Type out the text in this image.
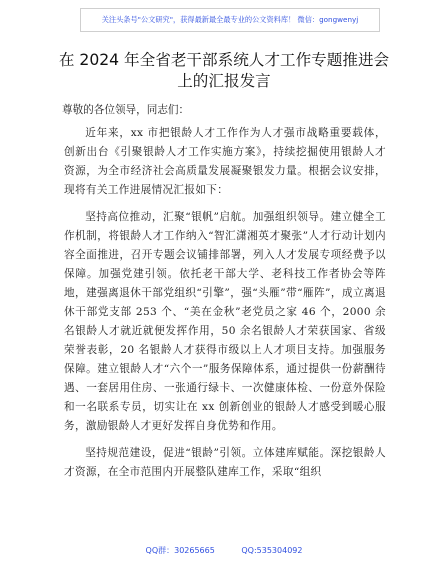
关注头条号"公文研究"，获得最新最全最专业的公文资料库！ 微信：gongwenyj
在 2024 年全省老干部系统人才工作专题推进会
上的汇报发言
尊敬的各位领导，同志们：

近年来，xx 市把银龄人才工作作为人才强市战略重要载体，创新出台《引聚银龄人才工作实施方案》，持续挖掘使用银龄人才资源，为全市经济社会高质量发展凝聚银发力量。根据会议安排，现将有关工作进展情况汇报如下：

坚持高位推动，汇聚“银帆”启航。加强组织领导。建立健全工作机制，将银龄人才工作纳入“智汇潇湘英才聚张”人才行动计划内容全面推进，召开专题会议铺排部署，列入人才发展专项经费予以保障。加强党建引领。依托老干部大学、老科技工作者协会等阵地，建强离退休干部党组织“引擎”，强“头雁”带“雁阵”，成立离退休干部党支部 253 个、“美在金秋”老党员之家 46 个，2000 余名银龄人才就近就便发挥作用，50 余名银龄人才荣获国家、省级荣誉表彰，20 名银龄人才获得市级以上人才项目支持。加强服务保障。建立银龄人才“六个一”服务保障体系，通过提供一份薪酬待遇、一套居用住房、一张通行绿卡、一次健康体检、一份意外保险和一名联系专员，切实让在 xx 创新创业的银龄人才感受到暖心服务，激励银龄人才更好发挥自身优势和作用。

坚持规范建设，促进“银龄”引领。立体建库赋能。深挖银龄人才资源，在全市范围内开展整队建库工作，采取“组织

QQ群：30265665	QQ:535304092
